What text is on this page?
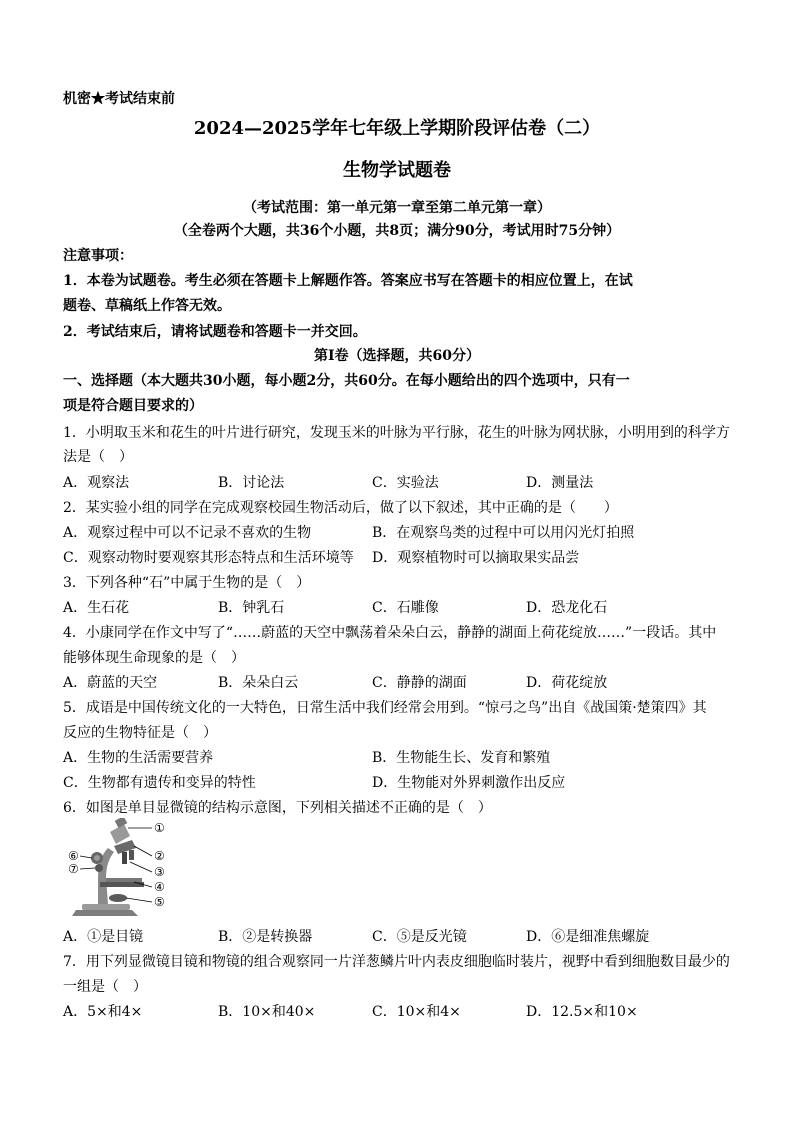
机密★考试结束前
2024—2025学年七年级上学期阶段评估卷（二）
生物学试题卷
（考试范围：第一单元第一章至第二单元第一章）
（全卷两个大题，共36个小题，共8页；满分90分，考试用时75分钟）
注意事项：
1．本卷为试题卷。考生必须在答题卡上解题作答。答案应书写在答题卡的相应位置上，在试
题卷、草稿纸上作答无效。
2．考试结束后，请将试题卷和答题卡一并交回。
第Ⅰ卷（选择题，共60分）
一、选择题（本大题共30小题，每小题2分，共60分。在每小题给出的四个选项中，只有一
项是符合题目要求的）
1．小明取玉米和花生的叶片进行研究，发现玉米的叶脉为平行脉，花生的叶脉为网状脉，小明用到的科学方
法是（　）
A．观察法	B．讨论法	C．实验法	D．测量法
2．某实验小组的同学在完成观察校园生物活动后，做了以下叙述，其中正确的是（　　）
A．观察过程中可以不记录不喜欢的生物	B．在观察鸟类的过程中可以用闪光灯拍照
C．观察动物时要观察其形态特点和生活环境等 D．观察植物时可以摘取果实品尝
3．下列各种“石”中属于生物的是（　）
A．生石花	B．钟乳石	C．石雕像	D．恐龙化石
4．小康同学在作文中写了“……蔚蓝的天空中飘荡着朵朵白云，静静的湖面上荷花绽放……”一段话。其中
能够体现生命现象的是（　）
A．蔚蓝的天空	B．朵朵白云	C．静静的湖面	D．荷花绽放
5．成语是中国传统文化的一大特色，日常生活中我们经常会用到。“惊弓之鸟”出自《战国策·楚策四》其
反应的生物特征是（　）
A．生物的生活需要营养	B．生物能生长、发育和繁殖
C．生物都有遗传和变异的特性	D．生物能对外界刺激作出反应
6．如图是单目显微镜的结构示意图，下列相关描述不正确的是（　）
①
②
③
④
⑤
⑥
⑦
A．①是目镜	B．②是转换器	C．⑤是反光镜	D．⑥是细准焦螺旋
7．用下列显微镜目镜和物镜的组合观察同一片洋葱鳞片叶内表皮细胞临时装片，视野中看到细胞数目最少的
一组是（　）
A．5×和4×	B．10×和40×	C．10×和4×	D．12.5×和10×
